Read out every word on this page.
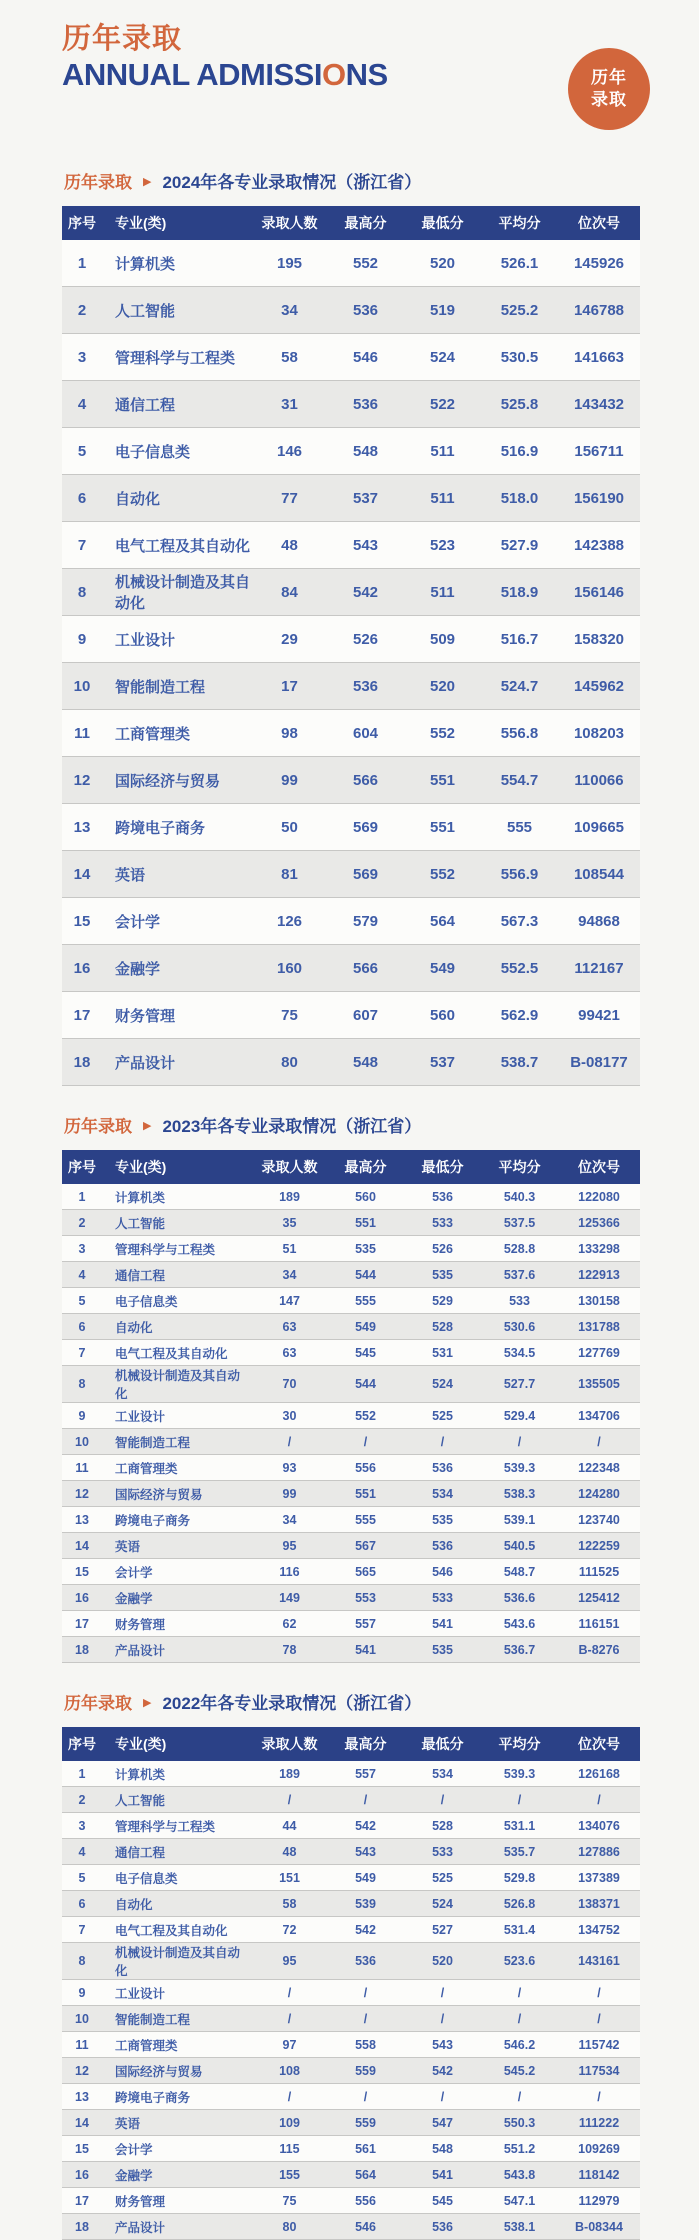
历年录取
ANNUAL ADMISSIONS	历年
录取
历年录取 ▶ 2024年各专业录取情况（浙江省）
序号	专业(类)	录取人数	最高分	最低分	平均分	位次号
1	计算机类	195	552	520	526.1	145926
2	人工智能	34	536	519	525.2	146788
3	管理科学与工程类	58	546	524	530.5	141663
4	通信工程	31	536	522	525.8	143432
5	电子信息类	146	548	511	516.9	156711
6	自动化	77	537	511	518.0	156190
7	电气工程及其自动化	48	543	523	527.9	142388
8	机械设计制造及其自动化	84	542	511	518.9	156146
9	工业设计	29	526	509	516.7	158320
10	智能制造工程	17	536	520	524.7	145962
11	工商管理类	98	604	552	556.8	108203
12	国际经济与贸易	99	566	551	554.7	110066
13	跨境电子商务	50	569	551	555	109665
14	英语	81	569	552	556.9	108544
15	会计学	126	579	564	567.3	94868
16	金融学	160	566	549	552.5	112167
17	财务管理	75	607	560	562.9	99421
18	产品设计	80	548	537	538.7	B-08177
历年录取 ▶ 2023年各专业录取情况（浙江省）
序号	专业(类)	录取人数	最高分	最低分	平均分	位次号
1	计算机类	189	560	536	540.3	122080
2	人工智能	35	551	533	537.5	125366
3	管理科学与工程类	51	535	526	528.8	133298
4	通信工程	34	544	535	537.6	122913
5	电子信息类	147	555	529	533	130158
6	自动化	63	549	528	530.6	131788
7	电气工程及其自动化	63	545	531	534.5	127769
8	机械设计制造及其自动化	70	544	524	527.7	135505
9	工业设计	30	552	525	529.4	134706
10	智能制造工程	/	/	/	/	/
11	工商管理类	93	556	536	539.3	122348
12	国际经济与贸易	99	551	534	538.3	124280
13	跨境电子商务	34	555	535	539.1	123740
14	英语	95	567	536	540.5	122259
15	会计学	116	565	546	548.7	111525
16	金融学	149	553	533	536.6	125412
17	财务管理	62	557	541	543.6	116151
18	产品设计	78	541	535	536.7	B-8276
历年录取 ▶ 2022年各专业录取情况（浙江省）
序号	专业(类)	录取人数	最高分	最低分	平均分	位次号
1	计算机类	189	557	534	539.3	126168
2	人工智能	/	/	/	/	/
3	管理科学与工程类	44	542	528	531.1	134076
4	通信工程	48	543	533	535.7	127886
5	电子信息类	151	549	525	529.8	137389
6	自动化	58	539	524	526.8	138371
7	电气工程及其自动化	72	542	527	531.4	134752
8	机械设计制造及其自动化	95	536	520	523.6	143161
9	工业设计	/	/	/	/	/
10	智能制造工程	/	/	/	/	/
11	工商管理类	97	558	543	546.2	115742
12	国际经济与贸易	108	559	542	545.2	117534
13	跨境电子商务	/	/	/	/	/
14	英语	109	559	547	550.3	111222
15	会计学	115	561	548	551.2	109269
16	金融学	155	564	541	543.8	118142
17	财务管理	75	556	545	547.1	112979
18	产品设计	80	546	536	538.1	B-08344
